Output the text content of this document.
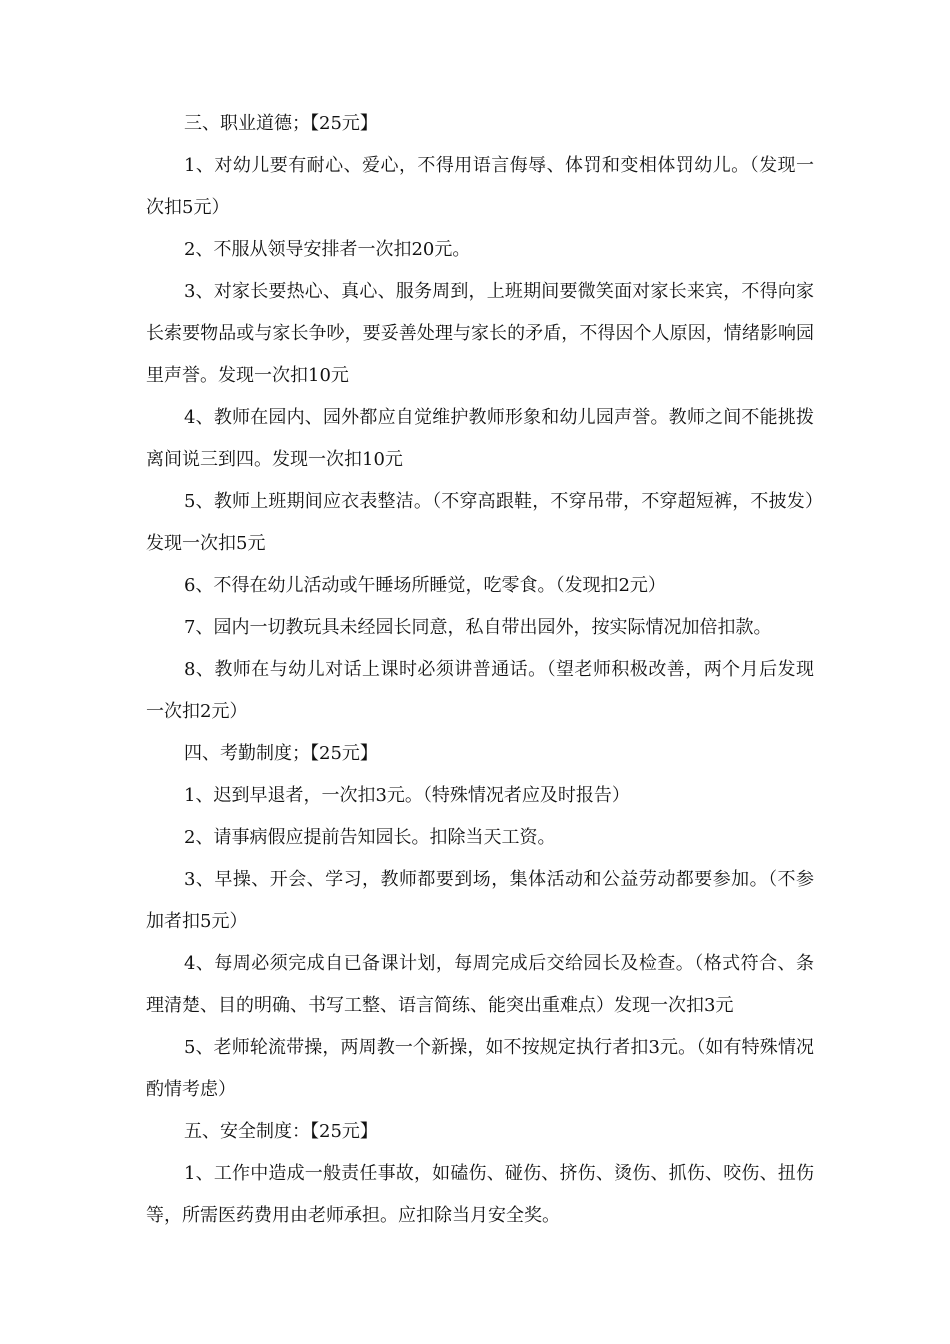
三、职业道德；【25元】

1、对幼儿要有耐心、爱心，不得用语言侮辱、体罚和变相体罚幼儿。（发现一次扣5元）

2、不服从领导安排者一次扣20元。

3、对家长要热心、真心、服务周到，上班期间要微笑面对家长来宾，不得向家长索要物品或与家长争吵，要妥善处理与家长的矛盾，不得因个人原因，情绪影响园里声誉。发现一次扣10元

4、教师在园内、园外都应自觉维护教师形象和幼儿园声誉。教师之间不能挑拨离间说三到四。发现一次扣10元

5、教师上班期间应衣表整洁。（不穿高跟鞋，不穿吊带，不穿超短裤，不披发）发现一次扣5元

6、不得在幼儿活动或午睡场所睡觉，吃零食。（发现扣2元）

7、园内一切教玩具未经园长同意，私自带出园外，按实际情况加倍扣款。

8、教师在与幼儿对话上课时必须讲普通话。（望老师积极改善，两个月后发现一次扣2元）

四、考勤制度；【25元】

1、迟到早退者，一次扣3元。（特殊情况者应及时报告）

2、请事病假应提前告知园长。扣除当天工资。

3、早操、开会、学习，教师都要到场，集体活动和公益劳动都要参加。（不参加者扣5元）

4、每周必须完成自已备课计划，每周完成后交给园长及检查。（格式符合、条理清楚、目的明确、书写工整、语言简练、能突出重难点）发现一次扣3元

5、老师轮流带操，两周教一个新操，如不按规定执行者扣3元。（如有特殊情况酌情考虑）

五、安全制度：【25元】

1、工作中造成一般责任事故，如磕伤、碰伤、挤伤、烫伤、抓伤、咬伤、扭伤等，所需医药费用由老师承担。应扣除当月安全奖。
